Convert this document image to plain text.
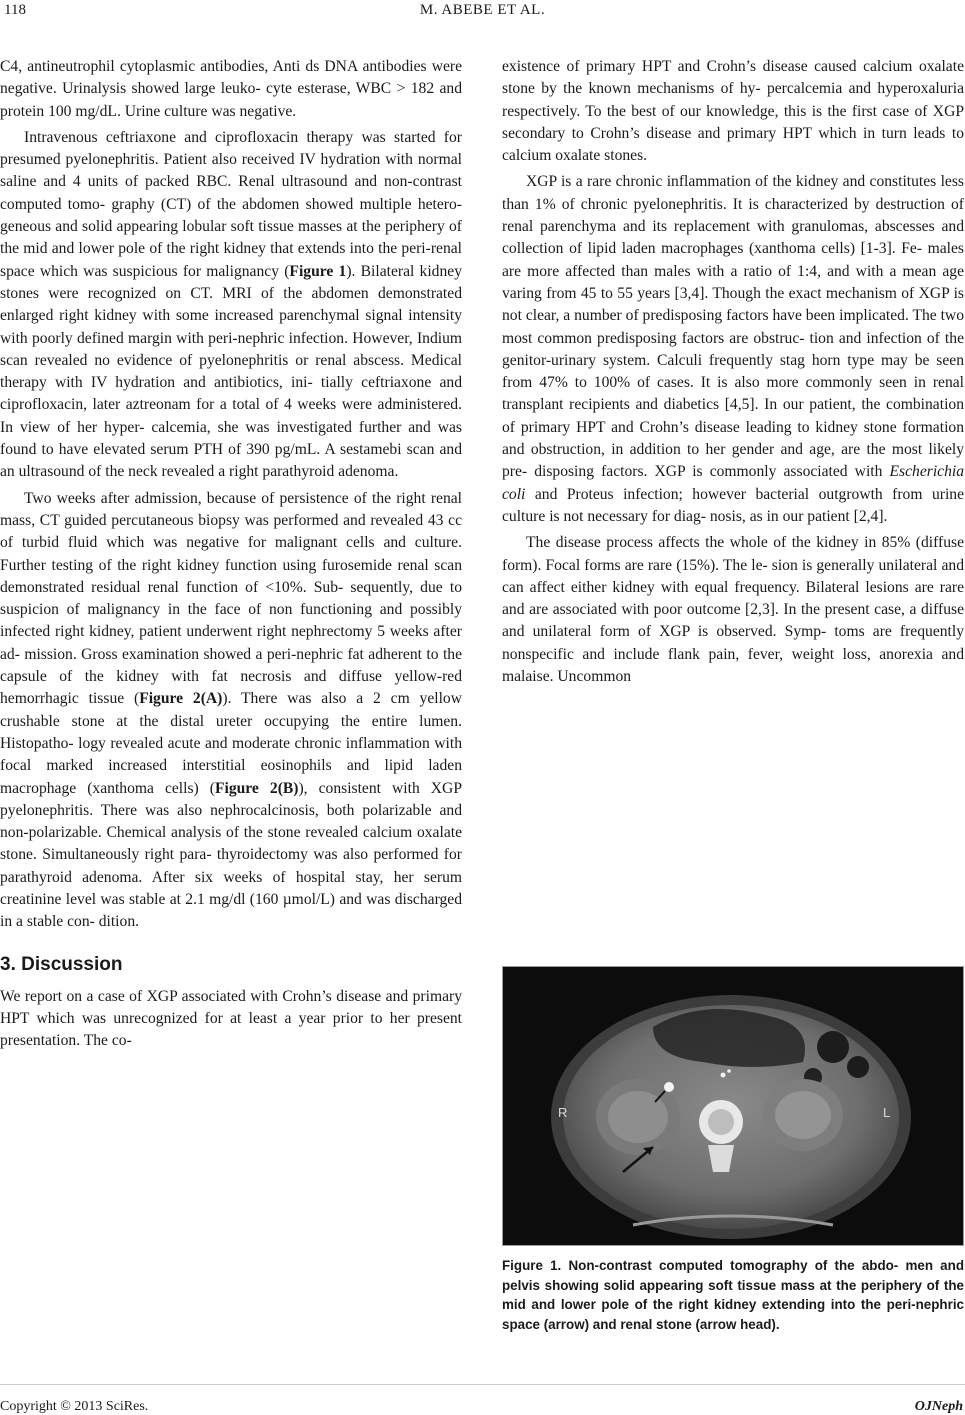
118	M. ABEBE ET AL.

C4, antineutrophil cytoplasmic antibodies, Anti ds DNA antibodies were negative. Urinalysis showed large leuko- cyte esterase, WBC > 182 and protein 100 mg/dL. Urine culture was negative.

Intravenous ceftriaxone and ciprofloxacin therapy was started for presumed pyelonephritis. Patient also received IV hydration with normal saline and 4 units of packed RBC. Renal ultrasound and non-contrast computed tomo- graphy (CT) of the abdomen showed multiple hetero- geneous and solid appearing lobular soft tissue masses at the periphery of the mid and lower pole of the right kidney that extends into the peri-renal space which was suspicious for malignancy (Figure 1). Bilateral kidney stones were recognized on CT. MRI of the abdomen demonstrated enlarged right kidney with some increased parenchymal signal intensity with poorly defined margin with peri-nephric infection. However, Indium scan revealed no evidence of pyelonephritis or renal abscess. Medical therapy with IV hydration and antibiotics, ini- tially ceftriaxone and ciprofloxacin, later aztreonam for a total of 4 weeks were administered. In view of her hyper- calcemia, she was investigated further and was found to have elevated serum PTH of 390 pg/mL. A sestamebi scan and an ultrasound of the neck revealed a right parathyroid adenoma.

Two weeks after admission, because of persistence of the right renal mass, CT guided percutaneous biopsy was performed and revealed 43 cc of turbid fluid which was negative for malignant cells and culture. Further testing of the right kidney function using furosemide renal scan demonstrated residual renal function of <10%. Sub- sequently, due to suspicion of malignancy in the face of non functioning and possibly infected right kidney, patient underwent right nephrectomy 5 weeks after ad- mission. Gross examination showed a peri-nephric fat adherent to the capsule of the kidney with fat necrosis and diffuse yellow-red hemorrhagic tissue (Figure 2(A)). There was also a 2 cm yellow crushable stone at the distal ureter occupying the entire lumen. Histopatho- logy revealed acute and moderate chronic inflammation with focal marked increased interstitial eosinophils and lipid laden macrophage (xanthoma cells) (Figure 2(B)), consistent with XGP pyelonephritis. There was also nephrocalcinosis, both polarizable and non-polarizable. Chemical analysis of the stone revealed calcium oxalate stone. Simultaneously right para- thyroidectomy was also performed for parathyroid adenoma. After six weeks of hospital stay, her serum creatinine level was stable at 2.1 mg/dl (160 µmol/L) and was discharged in a stable con- dition.

3. Discussion

We report on a case of XGP associated with Crohn’s disease and primary HPT which was unrecognized for at least a year prior to her present presentation. The co-

existence of primary HPT and Crohn’s disease caused calcium oxalate stone by the known mechanisms of hy- percalcemia and hyperoxaluria respectively. To the best of our knowledge, this is the first case of XGP secondary to Crohn’s disease and primary HPT which in turn leads to calcium oxalate stones.

XGP is a rare chronic inflammation of the kidney and constitutes less than 1% of chronic pyelonephritis. It is characterized by destruction of renal parenchyma and its replacement with granulomas, abscesses and collection of lipid laden macrophages (xanthoma cells) [1-3]. Fe- males are more affected than males with a ratio of 1:4, and with a mean age varing from 45 to 55 years [3,4]. Though the exact mechanism of XGP is not clear, a number of predisposing factors have been implicated. The two most common predisposing factors are obstruc- tion and infection of the genitor-urinary system. Calculi frequently stag horn type may be seen from 47% to 100% of cases. It is also more commonly seen in renal transplant recipients and diabetics [4,5]. In our patient, the combination of primary HPT and Crohn’s disease leading to kidney stone formation and obstruction, in addition to her gender and age, are the most likely pre- disposing factors. XGP is commonly associated with Escherichia coli and Proteus infection; however bacterial outgrowth from urine culture is not necessary for diag- nosis, as in our patient [2,4].

The disease process affects the whole of the kidney in 85% (diffuse form). Focal forms are rare (15%). The le- sion is generally unilateral and can affect either kidney with equal frequency. Bilateral lesions are rare and are associated with poor outcome [2,3]. In the present case, a diffuse and unilateral form of XGP is observed. Symp- toms are frequently nonspecific and include flank pain, fever, weight loss, anorexia and malaise. Uncommon

R	L
Figure 1. Non-contrast computed tomography of the abdo- men and pelvis showing solid appearing soft tissue mass at the periphery of the mid and lower pole of the right kidney extending into the peri-nephric space (arrow) and renal stone (arrow head).
Copyright © 2013 SciRes.	OJNeph
